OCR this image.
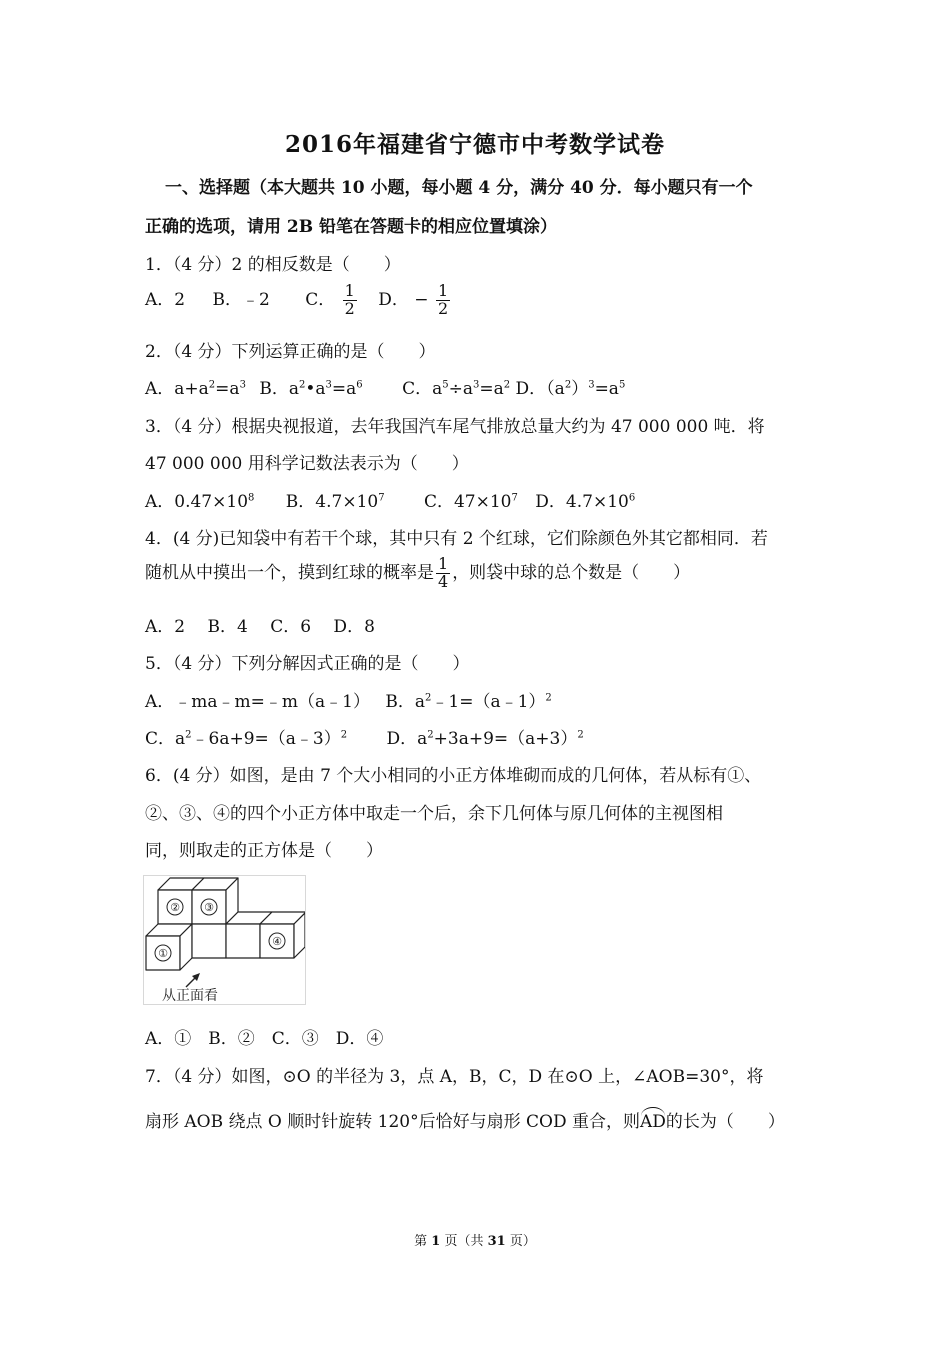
2016年福建省宁德市中考数学试卷
一、选择题（本大题共 10 小题，每小题 4 分，满分 40 分．每小题只有一个
正确的选项，请用 2B 铅笔在答题卡的相应位置填涂）
1．（4 分）2 的相反数是（　　）
A．2 B．﹣2 C． $\frac{1}{2}$ D． − $\frac{1}{2}$
2．（4 分）下列运算正确的是（　　）
A．$a+a^2=a^3$ B．$a^2•a^3=a^6$ C．$a^5\div a^3=a^2$ D．$(a^2)^3=a^5$
3．（4 分）根据央视报道，去年我国汽车尾气排放总量大约为 47 000 000 吨．将
47 000 000 用科学记数法表示为（　　）
A．$0.47\times 10^8$ B．$4.7\times 10^7$ C．$47\times 10^7$ D．$4.7\times 10^6$
4．(4 分)已知袋中有若干个球，其中只有 2 个红球，它们除颜色外其它都相同．若
随机从中摸出一个，摸到红球的概率是 $\frac{1}{4}$ ，则袋中球的总个数是（　　）
A．2　 B．4　 C．6　 D．8
5．（4 分）下列分解因式正确的是（　　）
A．﹣ma﹣m=﹣m（a﹣1） B．$a^2﹣1=(a﹣1)^2$
C．$a^2﹣6a+9=(a﹣3)^2$ D．$a^2+3a+9=(a+3)^2$
6．(4 分）如图，是由 7 个大小相同的小正方体堆砌而成的几何体，若从标有①、
②、③、④的四个小正方体中取走一个后，余下几何体与原几何体的主视图相
同，则取走的正方体是（　　）
② ③
①
④
从正面看
A．①　B．②　C．③　D．④
7．（4 分）如图，⊙O 的半径为 3，点 A，B，C，D 在⊙O 上，∠AOB=30°，将
扇形 AOB 绕点 O 顺时针旋转 120°后恰好与扇形 COD 重合，则AD的长为（　　）
第 1 页（共 31 页）
